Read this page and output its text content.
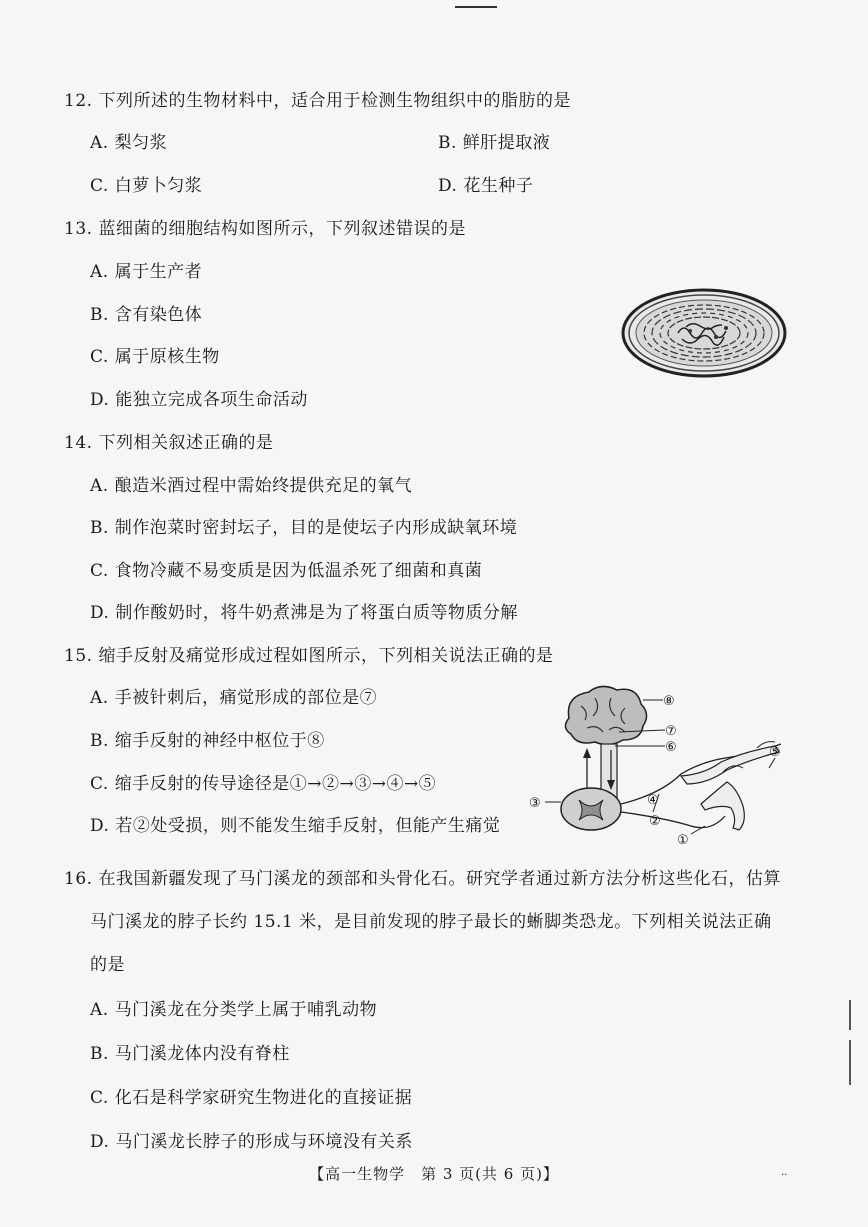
12. 下列所述的生物材料中，适合用于检测生物组织中的脂肪的是
A. 梨匀浆	B. 鲜肝提取液
C. 白萝卜匀浆	D. 花生种子
13. 蓝细菌的细胞结构如图所示，下列叙述错误的是
A. 属于生产者
B. 含有染色体
C. 属于原核生物
D. 能独立完成各项生命活动
14. 下列相关叙述正确的是
A. 酿造米酒过程中需始终提供充足的氧气
B. 制作泡菜时密封坛子，目的是使坛子内形成缺氧环境
C. 食物冷藏不易变质是因为低温杀死了细菌和真菌
D. 制作酸奶时，将牛奶煮沸是为了将蛋白质等物质分解
15. 缩手反射及痛觉形成过程如图所示，下列相关说法正确的是
A. 手被针刺后，痛觉形成的部位是⑦
B. 缩手反射的神经中枢位于⑧
C. 缩手反射的传导途径是①→②→③→④→⑤
D. 若②处受损，则不能发生缩手反射，但能产生痛觉
⑧
⑦
⑥
③	④
②
①
⑤
16. 在我国新疆发现了马门溪龙的颈部和头骨化石。研究学者通过新方法分析这些化石，估算
马门溪龙的脖子长约 15.1 米，是目前发现的脖子最长的蜥脚类恐龙。下列相关说法正确
的是
A. 马门溪龙在分类学上属于哺乳动物
B. 马门溪龙体内没有脊柱
C. 化石是科学家研究生物进化的直接证据
D. 马门溪龙长脖子的形成与环境没有关系
【高一生物学　第 3 页(共 6 页)】	··
